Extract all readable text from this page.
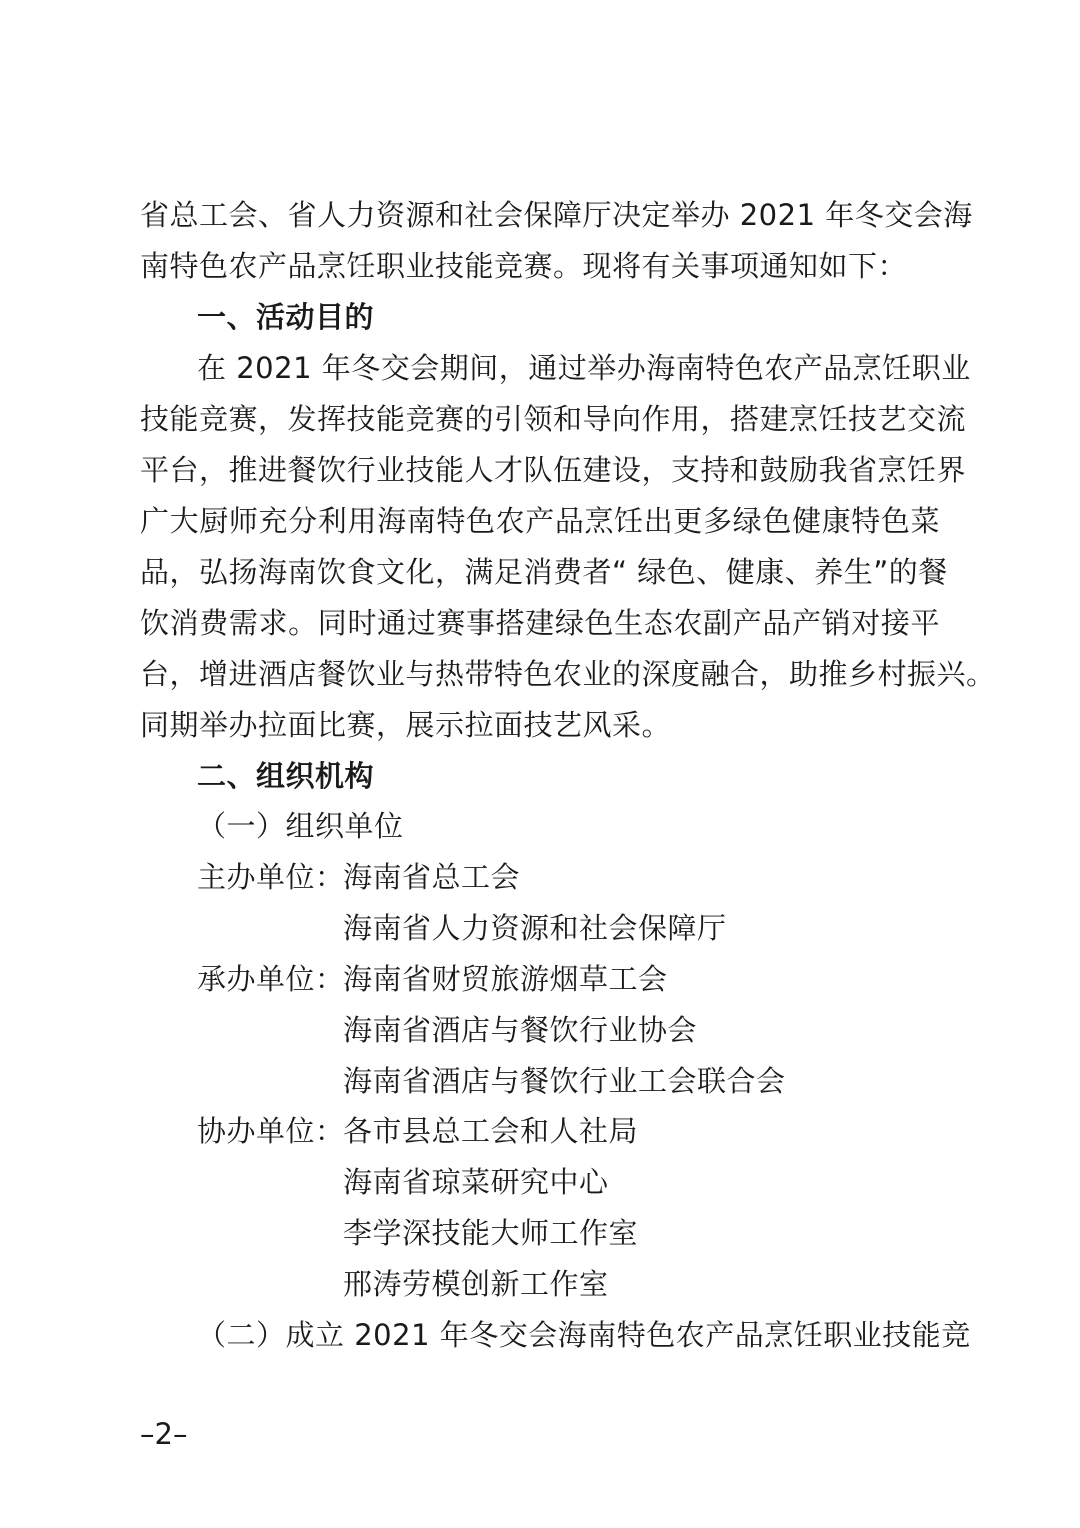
省总工会、省人力资源和社会保障厅决定举办 2021 年冬交会海
南特色农产品烹饪职业技能竞赛。现将有关事项通知如下：
一、活动目的
在 2021 年冬交会期间，通过举办海南特色农产品烹饪职业
技能竞赛，发挥技能竞赛的引领和导向作用，搭建烹饪技艺交流
平台，推进餐饮行业技能人才队伍建设，支持和鼓励我省烹饪界
广大厨师充分利用海南特色农产品烹饪出更多绿色健康特色菜
品，弘扬海南饮食文化，满足消费者“ 绿色、健康、养生”的餐
饮消费需求。同时通过赛事搭建绿色生态农副产品产销对接平
台，增进酒店餐饮业与热带特色农业的深度融合，助推乡村振兴。
同期举办拉面比赛，展示拉面技艺风采。
二、组织机构
（一）组织单位
主办单位：
海南省总工会
海南省人力资源和社会保障厅
承办单位：
海南省财贸旅游烟草工会
海南省酒店与餐饮行业协会
海南省酒店与餐饮行业工会联合会
协办单位：
各市县总工会和人社局
海南省琼菜研究中心
李学深技能大师工作室
邢涛劳模创新工作室
（二）成立 2021 年冬交会海南特色农产品烹饪职业技能竞
–2–
